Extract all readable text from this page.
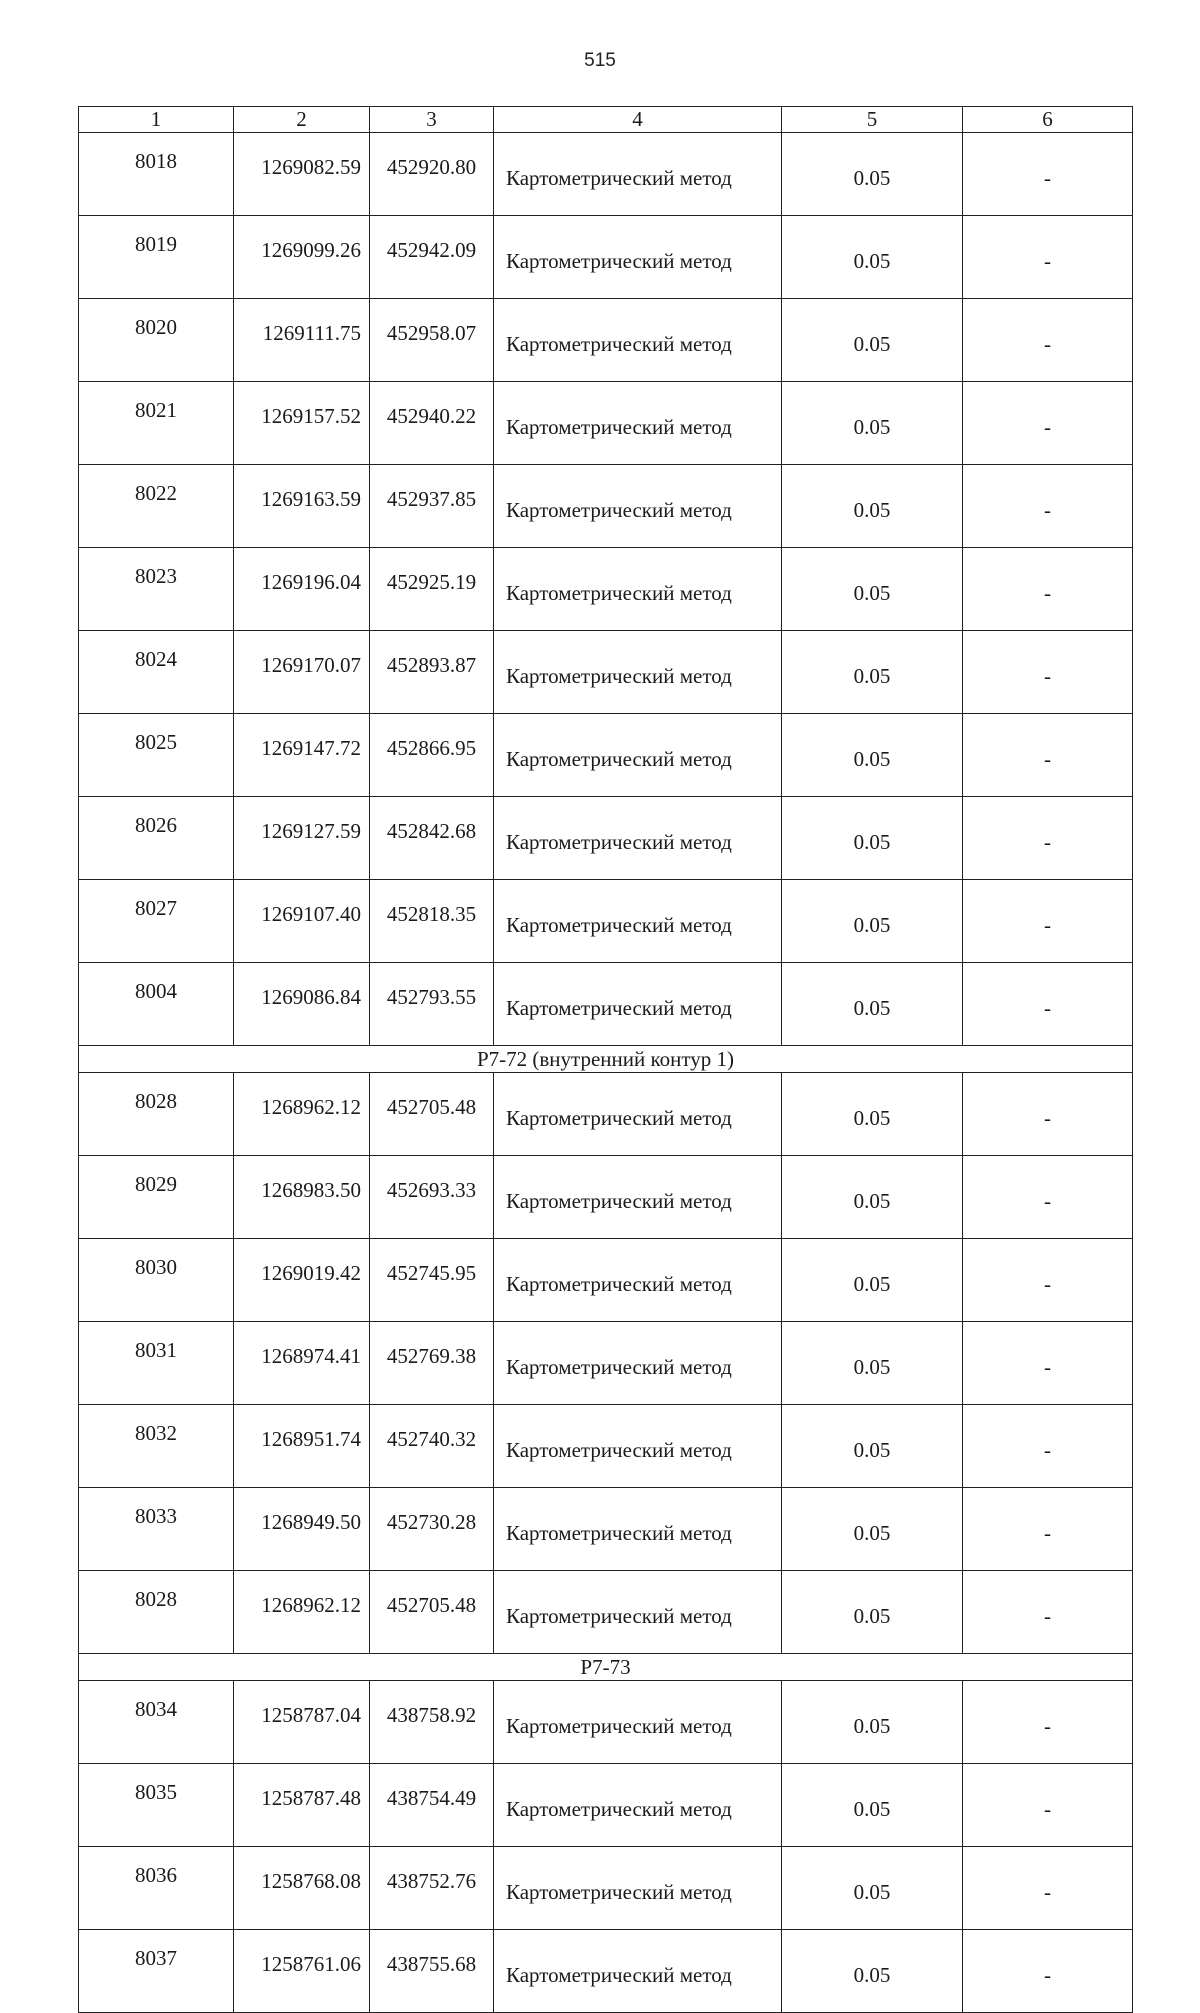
515
1	2	3	4	5	6
8018	1269082.59	452920.80	Картометрический метод	0.05	-
8019	1269099.26	452942.09	Картометрический метод	0.05	-
8020	1269111.75	452958.07	Картометрический метод	0.05	-
8021	1269157.52	452940.22	Картометрический метод	0.05	-
8022	1269163.59	452937.85	Картометрический метод	0.05	-
8023	1269196.04	452925.19	Картометрический метод	0.05	-
8024	1269170.07	452893.87	Картометрический метод	0.05	-
8025	1269147.72	452866.95	Картометрический метод	0.05	-
8026	1269127.59	452842.68	Картометрический метод	0.05	-
8027	1269107.40	452818.35	Картометрический метод	0.05	-
8004	1269086.84	452793.55	Картометрический метод	0.05	-
Р7-72 (внутренний контур 1)					
8028	1268962.12	452705.48	Картометрический метод	0.05	-
8029	1268983.50	452693.33	Картометрический метод	0.05	-
8030	1269019.42	452745.95	Картометрический метод	0.05	-
8031	1268974.41	452769.38	Картометрический метод	0.05	-
8032	1268951.74	452740.32	Картометрический метод	0.05	-
8033	1268949.50	452730.28	Картометрический метод	0.05	-
8028	1268962.12	452705.48	Картометрический метод	0.05	-
Р7-73					
8034	1258787.04	438758.92	Картометрический метод	0.05	-
8035	1258787.48	438754.49	Картометрический метод	0.05	-
8036	1258768.08	438752.76	Картометрический метод	0.05	-
8037	1258761.06	438755.68	Картометрический метод	0.05	-
